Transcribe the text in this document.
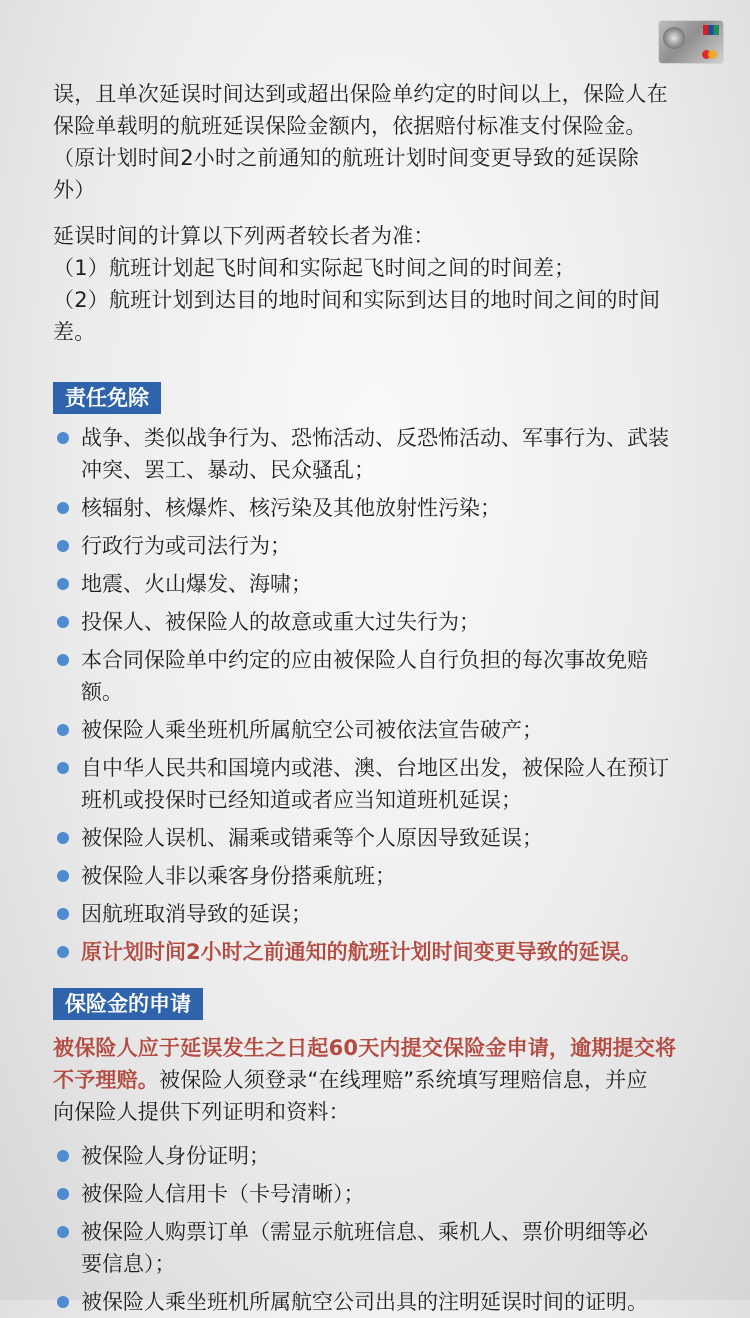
误，且单次延误时间达到或超出保险单约定的时间以上，保险人在
保险单载明的航班延误保险金额内，依据赔付标准支付保险金。
（原计划时间2小时之前通知的航班计划时间变更导致的延误除
外）

延误时间的计算以下列两者较长者为准：
（1）航班计划起飞时间和实际起飞时间之间的时间差；
（2）航班计划到达目的地时间和实际到达目的地时间之间的时间
差。

责任免除
战争、类似战争行为、恐怖活动、反恐怖活动、军事行为、武装
冲突、罢工、暴动、民众骚乱；
核辐射、核爆炸、核污染及其他放射性污染；
行政行为或司法行为；
地震、火山爆发、海啸；
投保人、被保险人的故意或重大过失行为；
本合同保险单中约定的应由被保险人自行负担的每次事故免赔
额。
被保险人乘坐班机所属航空公司被依法宣告破产；
自中华人民共和国境内或港、澳、台地区出发，被保险人在预订
班机或投保时已经知道或者应当知道班机延误；
被保险人误机、漏乘或错乘等个人原因导致延误；
被保险人非以乘客身份搭乘航班；
因航班取消导致的延误；
原计划时间2小时之前通知的航班计划时间变更导致的延误。
保险金的申请

被保险人应于延误发生之日起60天内提交保险金申请，逾期提交将
不予理赔。被保险人须登录“在线理赔”系统填写理赔信息，并应
向保险人提供下列证明和资料：

被保险人身份证明；
被保险人信用卡（卡号清晰）；
被保险人购票订单（需显示航班信息、乘机人、票价明细等必
要信息）；
被保险人乘坐班机所属航空公司出具的注明延误时间的证明。
